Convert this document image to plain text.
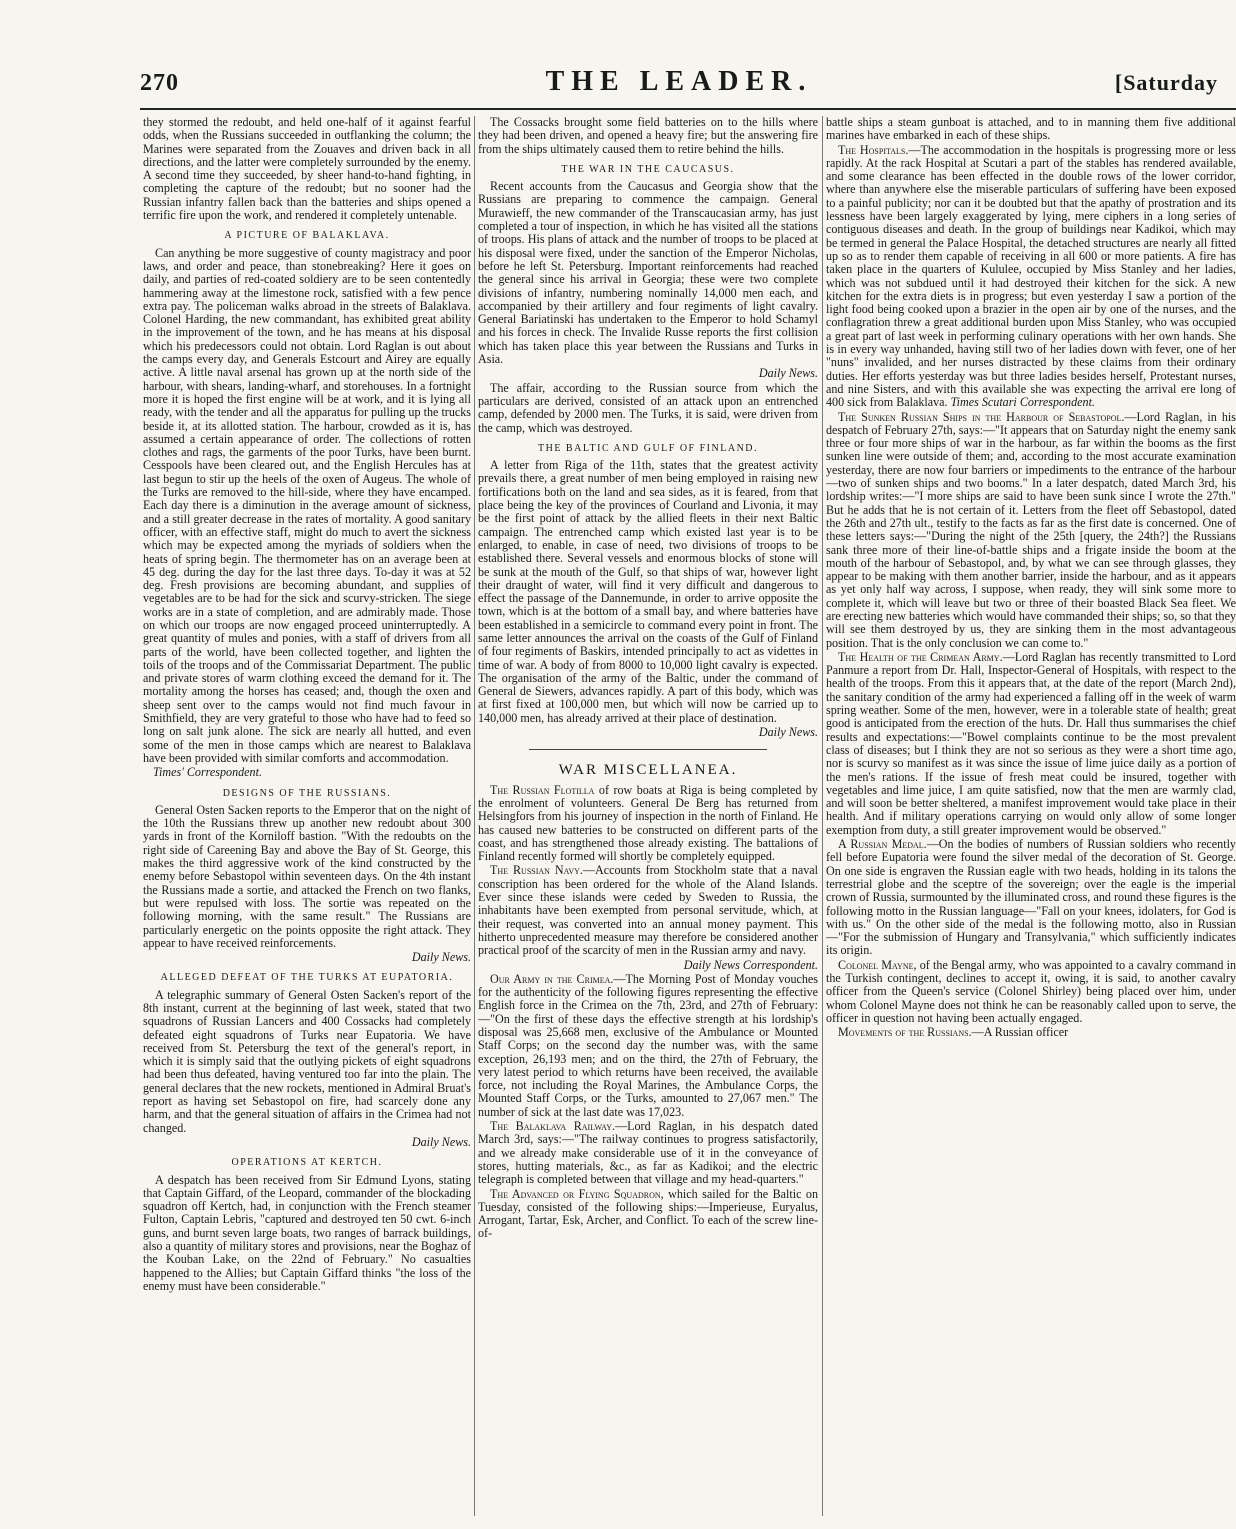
270	THE LEADER.	[Saturday

they stormed the redoubt, and held one-half of it against fearful odds, when the Russians succeeded in outflanking the column; the Marines were separated from the Zouaves and driven back in all directions, and the latter were completely surrounded by the enemy. A second time they succeeded, by sheer hand-to-hand fighting, in completing the capture of the redoubt; but no sooner had the Russian infantry fallen back than the batteries and ships opened a terrific fire upon the work, and rendered it completely untenable.

A PICTURE OF BALAKLAVA.

Can anything be more suggestive of county magistracy and poor laws, and order and peace, than stonebreaking? Here it goes on daily, and parties of red-coated soldiery are to be seen contentedly hammering away at the limestone rock, satisfied with a few pence extra pay. The policeman walks abroad in the streets of Balaklava. Colonel Harding, the new commandant, has exhibited great ability in the improvement of the town, and he has means at his disposal which his predecessors could not obtain. Lord Raglan is out about the camps every day, and Generals Estcourt and Airey are equally active. A little naval arsenal has grown up at the north side of the harbour, with shears, landing-wharf, and storehouses. In a fortnight more it is hoped the first engine will be at work, and it is lying all ready, with the tender and all the apparatus for pulling up the trucks beside it, at its allotted station. The harbour, crowded as it is, has assumed a certain appearance of order. The collections of rotten clothes and rags, the garments of the poor Turks, have been burnt. Cesspools have been cleared out, and the English Hercules has at last begun to stir up the heels of the oxen of Augeus. The whole of the Turks are removed to the hill-side, where they have encamped. Each day there is a diminution in the average amount of sickness, and a still greater decrease in the rates of mortality. A good sanitary officer, with an effective staff, might do much to avert the sickness which may be expected among the myriads of soldiers when the heats of spring begin. The thermometer has on an average been at 45 deg. during the day for the last three days. To-day it was at 52 deg. Fresh provisions are becoming abundant, and supplies of vegetables are to be had for the sick and scurvy-stricken. The siege works are in a state of completion, and are admirably made. Those on which our troops are now engaged proceed uninterruptedly. A great quantity of mules and ponies, with a staff of drivers from all parts of the world, have been collected together, and lighten the toils of the troops and of the Commissariat Department. The public and private stores of warm clothing exceed the demand for it. The mortality among the horses has ceased; and, though the oxen and sheep sent over to the camps would not find much favour in Smithfield, they are very grateful to those who have had to feed so long on salt junk alone. The sick are nearly all hutted, and even some of the men in those camps which are nearest to Balaklava have been provided with similar comforts and accommodation.

Times' Correspondent.

DESIGNS OF THE RUSSIANS.

General Osten Sacken reports to the Emperor that on the night of the 10th the Russians threw up another new redoubt about 300 yards in front of the Korniloff bastion. "With the redoubts on the right side of Careening Bay and above the Bay of St. George, this makes the third aggressive work of the kind constructed by the enemy before Sebastopol within seventeen days. On the 4th instant the Russians made a sortie, and attacked the French on two flanks, but were repulsed with loss. The sortie was repeated on the following morning, with the same result." The Russians are particularly energetic on the points opposite the right attack. They appear to have received reinforcements.

Daily News.

ALLEGED DEFEAT OF THE TURKS AT EUPATORIA.

A telegraphic summary of General Osten Sacken's report of the 8th instant, current at the beginning of last week, stated that two squadrons of Russian Lancers and 400 Cossacks had completely defeated eight squadrons of Turks near Eupatoria. We have received from St. Petersburg the text of the general's report, in which it is simply said that the outlying pickets of eight squadrons had been thus defeated, having ventured too far into the plain. The general declares that the new rockets, mentioned in Admiral Bruat's report as having set Sebastopol on fire, had scarcely done any harm, and that the general situation of affairs in the Crimea had not changed.

Daily News.

OPERATIONS AT KERTCH.

A despatch has been received from Sir Edmund Lyons, stating that Captain Giffard, of the Leopard, commander of the blockading squadron off Kertch, had, in conjunction with the French steamer Fulton, Captain Lebris, "captured and destroyed ten 50 cwt. 6-inch guns, and burnt seven large boats, two ranges of barrack buildings, also a quantity of military stores and provisions, near the Boghaz of the Kouban Lake, on the 22nd of February." No casualties happened to the Allies; but Captain Giffard thinks "the loss of the enemy must have been considerable."

The Cossacks brought some field batteries on to the hills where they had been driven, and opened a heavy fire; but the answering fire from the ships ultimately caused them to retire behind the hills.

THE WAR IN THE CAUCASUS.

Recent accounts from the Caucasus and Georgia show that the Russians are preparing to commence the campaign. General Murawieff, the new commander of the Transcaucasian army, has just completed a tour of inspection, in which he has visited all the stations of troops. His plans of attack and the number of troops to be placed at his disposal were fixed, under the sanction of the Emperor Nicholas, before he left St. Petersburg. Important reinforcements had reached the general since his arrival in Georgia; these were two complete divisions of infantry, numbering nominally 14,000 men each, and accompanied by their artillery and four regiments of light cavalry. General Bariatinski has undertaken to the Emperor to hold Schamyl and his forces in check. The Invalide Russe reports the first collision which has taken place this year between the Russians and Turks in Asia.

Daily News.

The affair, according to the Russian source from which the particulars are derived, consisted of an attack upon an entrenched camp, defended by 2000 men. The Turks, it is said, were driven from the camp, which was destroyed.

THE BALTIC AND GULF OF FINLAND.

A letter from Riga of the 11th, states that the greatest activity prevails there, a great number of men being employed in raising new fortifications both on the land and sea sides, as it is feared, from that place being the key of the provinces of Courland and Livonia, it may be the first point of attack by the allied fleets in their next Baltic campaign. The entrenched camp which existed last year is to be enlarged, to enable, in case of need, two divisions of troops to be established there. Several vessels and enormous blocks of stone will be sunk at the mouth of the Gulf, so that ships of war, however light their draught of water, will find it very difficult and dangerous to effect the passage of the Dannemunde, in order to arrive opposite the town, which is at the bottom of a small bay, and where batteries have been established in a semicircle to command every point in front. The same letter announces the arrival on the coasts of the Gulf of Finland of four regiments of Baskirs, intended principally to act as videttes in time of war. A body of from 8000 to 10,000 light cavalry is expected. The organisation of the army of the Baltic, under the command of General de Siewers, advances rapidly. A part of this body, which was at first fixed at 100,000 men, but which will now be carried up to 140,000 men, has already arrived at their place of destination.

Daily News.

WAR MISCELLANEA.

The Russian Flotilla of row boats at Riga is being completed by the enrolment of volunteers. General De Berg has returned from Helsingfors from his journey of inspection in the north of Finland. He has caused new batteries to be constructed on different parts of the coast, and has strengthened those already existing. The battalions of Finland recently formed will shortly be completely equipped.

The Russian Navy.—Accounts from Stockholm state that a naval conscription has been ordered for the whole of the Aland Islands. Ever since these islands were ceded by Sweden to Russia, the inhabitants have been exempted from personal servitude, which, at their request, was converted into an annual money payment. This hitherto unprecedented measure may therefore be considered another practical proof of the scarcity of men in the Russian army and navy.

Daily News Correspondent.

Our Army in the Crimea.—The Morning Post of Monday vouches for the authenticity of the following figures representing the effective English force in the Crimea on the 7th, 23rd, and 27th of February:—"On the first of these days the effective strength at his lordship's disposal was 25,668 men, exclusive of the Ambulance or Mounted Staff Corps; on the second day the number was, with the same exception, 26,193 men; and on the third, the 27th of February, the very latest period to which returns have been received, the available force, not including the Royal Marines, the Ambulance Corps, the Mounted Staff Corps, or the Turks, amounted to 27,067 men." The number of sick at the last date was 17,023.

The Balaklava Railway.—Lord Raglan, in his despatch dated March 3rd, says:—"The railway continues to progress satisfactorily, and we already make considerable use of it in the conveyance of stores, hutting materials, &c., as far as Kadikoi; and the electric telegraph is completed between that village and my head-quarters."

The Advanced or Flying Squadron, which sailed for the Baltic on Tuesday, consisted of the following ships:—Imperieuse, Euryalus, Arrogant, Tartar, Esk, Archer, and Conflict. To each of the screw line-of-

battle ships a steam gunboat is attached, and to in manning them five additional marines have embarked in each of these ships.

The Hospitals.—The accommodation in the hospitals is progressing more or less rapidly. At the rack Hospital at Scutari a part of the stables has rendered available, and some clearance has been effected in the double rows of the lower corridor, where than anywhere else the miserable particulars of suffering have been exposed to a painful publicity; nor can it be doubted but that the apathy of prostration and its lessness have been largely exaggerated by lying, mere ciphers in a long series of contiguous diseases and death. In the group of buildings near Kadikoi, which may be termed in general the Palace Hospital, the detached structures are nearly all fitted up so as to render them capable of receiving in all 600 or more patients. A fire has taken place in the quarters of Kululee, occupied by Miss Stanley and her ladies, which was not subdued until it had destroyed their kitchen for the sick. A new kitchen for the extra diets is in progress; but even yesterday I saw a portion of the light food being cooked upon a brazier in the open air by one of the nurses, and the conflagration threw a great additional burden upon Miss Stanley, who was occupied a great part of last week in performing culinary operations with her own hands. She is in every way unhanded, having still two of her ladies down with fever, one of her "nuns" invalided, and her nurses distracted by these claims from their ordinary duties. Her efforts yesterday was but three ladies besides herself, Protestant nurses, and nine Sisters, and with this available she was expecting the arrival ere long of 400 sick from Balaklava. Times Scutari Correspondent.

The Sunken Russian Ships in the Harbour of Sebastopol.—Lord Raglan, in his despatch of February 27th, says:—"It appears that on Saturday night the enemy sank three or four more ships of war in the harbour, as far within the booms as the first sunken line were outside of them; and, according to the most accurate examination yesterday, there are now four barriers or impediments to the entrance of the harbour—two of sunken ships and two booms." In a later despatch, dated March 3rd, his lordship writes:—"I more ships are said to have been sunk since I wrote the 27th." But he adds that he is not certain of it. Letters from the fleet off Sebastopol, dated the 26th and 27th ult., testify to the facts as far as the first date is concerned. One of these letters says:—"During the night of the 25th [query, the 24th?] the Russians sank three more of their line-of-battle ships and a frigate inside the boom at the mouth of the harbour of Sebastopol, and, by what we can see through glasses, they appear to be making with them another barrier, inside the harbour, and as it appears as yet only half way across, I suppose, when ready, they will sink some more to complete it, which will leave but two or three of their boasted Black Sea fleet. We are erecting new batteries which would have commanded their ships; so, so that they will see them destroyed by us, they are sinking them in the most advantageous position. That is the only conclusion we can come to."

The Health of the Crimean Army.—Lord Raglan has recently transmitted to Lord Panmure a report from Dr. Hall, Inspector-General of Hospitals, with respect to the health of the troops. From this it appears that, at the date of the report (March 2nd), the sanitary condition of the army had experienced a falling off in the week of warm spring weather. Some of the men, however, were in a tolerable state of health; great good is anticipated from the erection of the huts. Dr. Hall thus summarises the chief results and expectations:—"Bowel complaints continue to be the most prevalent class of diseases; but I think they are not so serious as they were a short time ago, nor is scurvy so manifest as it was since the issue of lime juice daily as a portion of the men's rations. If the issue of fresh meat could be insured, together with vegetables and lime juice, I am quite satisfied, now that the men are warmly clad, and will soon be better sheltered, a manifest improvement would take place in their health. And if military operations carrying on would only allow of some longer exemption from duty, a still greater improvement would be observed."

A Russian Medal.—On the bodies of numbers of Russian soldiers who recently fell before Eupatoria were found the silver medal of the decoration of St. George. On one side is engraven the Russian eagle with two heads, holding in its talons the terrestrial globe and the sceptre of the sovereign; over the eagle is the imperial crown of Russia, surmounted by the illuminated cross, and round these figures is the following motto in the Russian language—"Fall on your knees, idolaters, for God is with us." On the other side of the medal is the following motto, also in Russian—"For the submission of Hungary and Transylvania," which sufficiently indicates its origin.

Colonel Mayne, of the Bengal army, who was appointed to a cavalry command in the Turkish contingent, declines to accept it, owing, it is said, to another cavalry officer from the Queen's service (Colonel Shirley) being placed over him, under whom Colonel Mayne does not think he can be reasonably called upon to serve, the officer in question not having been actually engaged.

Movements of the Russians.—A Russian officer
